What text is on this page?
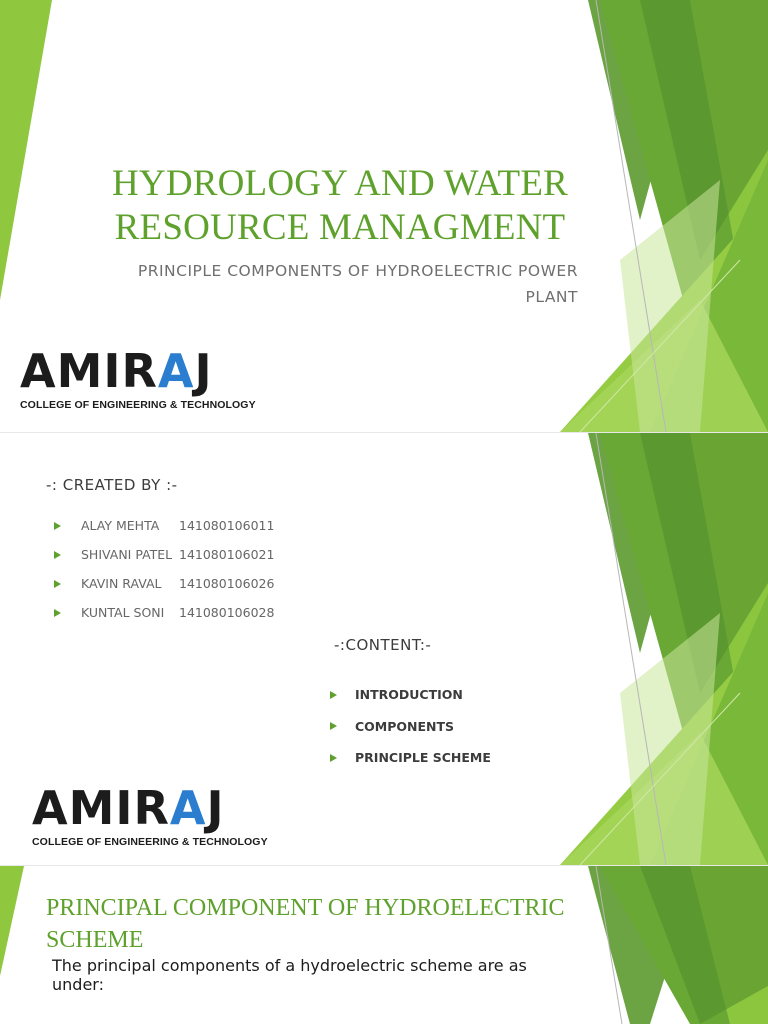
HYDROLOGY AND WATER RESOURCE MANAGMENT
PRINCIPLE COMPONENTS OF HYDROELECTRIC POWER PLANT
AMIRAJ
COLLEGE OF ENGINEERING & TECHNOLOGY
-: CREATED BY :-
ALAY MEHTA	141080106011
SHIVANI PATEL 141080106021
KAVIN RAVAL	141080106026
KUNTAL SONI	141080106028
-:CONTENT:-
INTRODUCTION
COMPONENTS
PRINCIPLE SCHEME
AMIRAJ
COLLEGE OF ENGINEERING & TECHNOLOGY
PRINCIPAL COMPONENT OF HYDROELECTRIC SCHEME
The principal components of a hydroelectric scheme are as under:
